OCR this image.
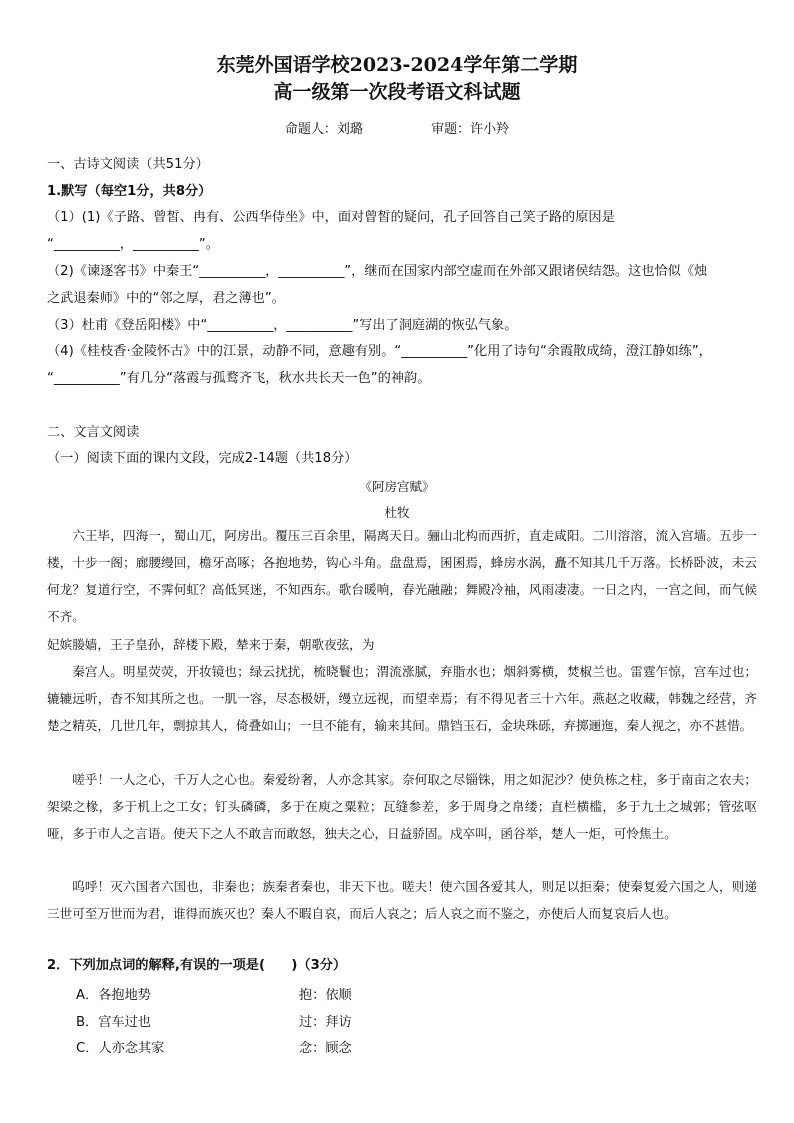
东莞外国语学校2023-2024学年第二学期
高一级第一次段考语文科试题
命题人：刘璐	审题：许小羚
一、古诗文阅读（共51分）
1.默写（每空1分，共8分）
（1）(1)《子路、曾皙、冉有、公西华侍坐》中，面对曾皙的疑问，孔子回答自己笑子路的原因是
“__________，__________”。
（2)《谏逐客书》中秦王“__________，__________”，继而在国家内部空虚而在外部又跟诸侯结怨。这也恰似《烛
之武退秦师》中的“邻之厚，君之薄也”。
（3）杜甫《登岳阳楼》中“__________，__________”写出了洞庭湖的恢弘气象。
（4)《桂枝香·金陵怀古》中的江景，动静不同，意趣有别。“__________”化用了诗句“余霞散成绮，澄江静如练”，
“__________”有几分“落霞与孤鹜齐飞，秋水共长天一色”的神韵。
二、文言文阅读
（一）阅读下面的课内文段，完成2-14题（共18分）
《阿房宫赋》
杜牧

六王毕，四海一，蜀山兀，阿房出。覆压三百余里，隔离天日。骊山北构而西折，直走咸阳。二川溶溶，流入宫墙。五步一楼，十步一阁；廊腰缦回，檐牙高啄；各抱地势，钩心斗角。盘盘焉，囷囷焉，蜂房水涡，矗不知其几千万落。长桥卧波，未云何龙？复道行空，不霁何虹？高低冥迷，不知西东。歌台暖响，春光融融；舞殿冷袖，风雨凄凄。一日之内，一宫之间，而气候不齐。

妃嫔媵嫱，王子皇孙，辞楼下殿，辇来于秦，朝歌夜弦，为

秦宫人。明星荧荧，开妆镜也；绿云扰扰，梳晓鬟也；渭流涨腻，弃脂水也；烟斜雾横，焚椒兰也。雷霆乍惊，宫车过也；辘辘远听，杳不知其所之也。一肌一容，尽态极妍，缦立远视，而望幸焉；有不得见者三十六年。燕赵之收藏，韩魏之经营，齐楚之精英，几世几年，剽掠其人，倚叠如山；一旦不能有，输来其间。鼎铛玉石，金块珠砾，弃掷逦迤，秦人视之，亦不甚惜。

嗟乎！一人之心，千万人之心也。秦爱纷奢，人亦念其家。奈何取之尽锱铢，用之如泥沙？使负栋之柱，多于南亩之农夫；架梁之椽，多于机上之工女；钉头磷磷，多于在庾之粟粒；瓦缝参差，多于周身之帛缕；直栏横槛，多于九土之城郭；管弦呕哑，多于市人之言语。使天下之人不敢言而敢怒，独夫之心，日益骄固。戍卒叫，函谷举，楚人一炬，可怜焦土。

呜呼！灭六国者六国也，非秦也；族秦者秦也，非天下也。嗟夫！使六国各爱其人，则足以拒秦；使秦复爱六国之人，则递三世可至万世而为君，谁得而族灭也？秦人不暇自哀，而后人哀之；后人哀之而不鉴之，亦使后人而复哀后人也。

2．下列加点词的解释,有误的一项是(　　)（3分）
A．各抱地势	抱：依顺
B．宫车过也	过：拜访
C．人亦念其家	念：顾念
